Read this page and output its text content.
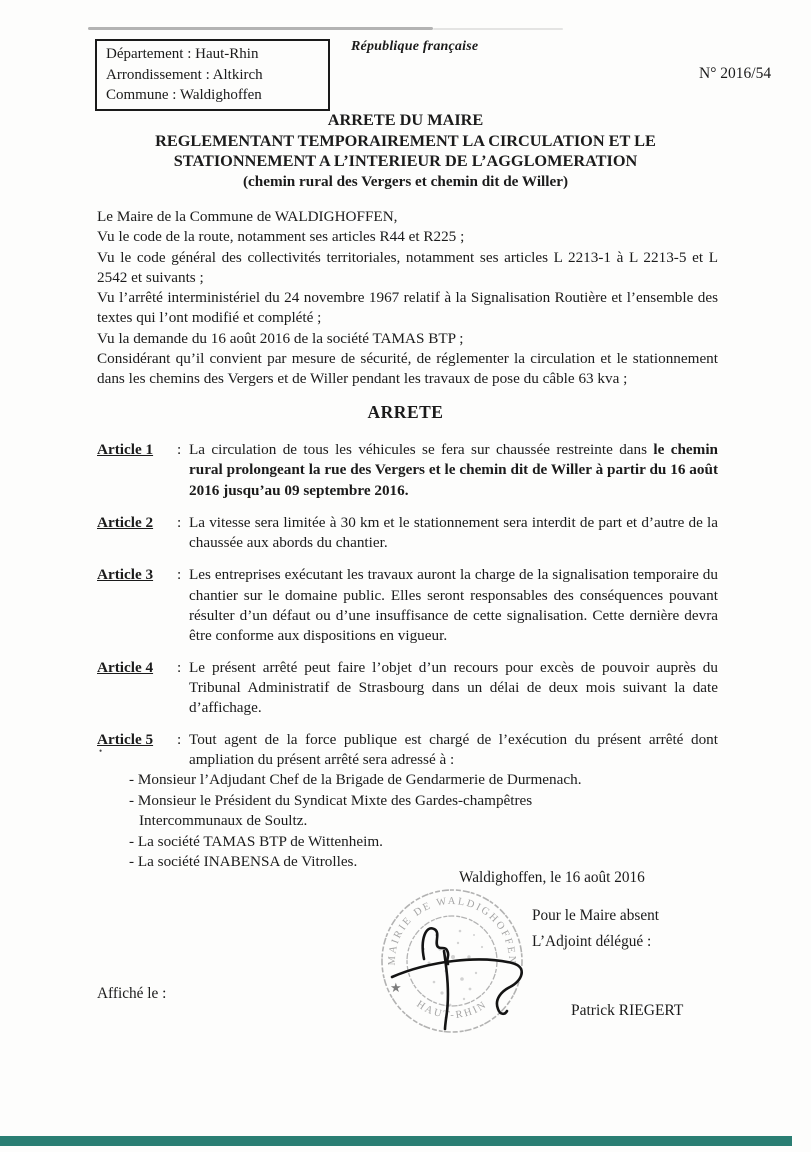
Département : Haut-Rhin
Arrondissement : Altkirch
Commune : Waldighoffen
République française
N° 2016/54
ARRETE DU MAIRE
REGLEMENTANT TEMPORAIREMENT LA CIRCULATION ET LE
STATIONNEMENT A L’INTERIEUR DE L’AGGLOMERATION
(chemin rural des Vergers et chemin dit de Willer)

Le Maire de la Commune de WALDIGHOFFEN,

Vu le code de la route, notamment ses articles R44 et R225 ;

Vu le code général des collectivités territoriales, notamment ses articles L 2213-1 à L 2213-5 et L 2542 et suivants ;

Vu l’arrêté interministériel du 24 novembre 1967 relatif à la Signalisation Routière et l’ensemble des textes qui l’ont modifié et complété ;

Vu la demande du 16 août 2016 de la société TAMAS BTP ;

Considérant qu’il convient par mesure de sécurité, de réglementer la circulation et le stationnement dans les chemins des Vergers et de Willer pendant les travaux de pose du câble 63 kva ;

ARRETE
Article 1	: La circulation de tous les véhicules se fera sur chaussée restreinte dans le chemin rural prolongeant la rue des Vergers et le chemin dit de Willer à partir du 16 août 2016 jusqu’au 09 septembre 2016.
Article 2	: La vitesse sera limitée à 30 km et le stationnement sera interdit de part et d’autre de la chaussée aux abords du chantier.
Article 3	: Les entreprises exécutant les travaux auront la charge de la signalisation temporaire du chantier sur le domaine public. Elles seront responsables des conséquences pouvant résulter d’un défaut ou d’une insuffisance de cette signalisation. Cette dernière devra être conforme aux dispositions en vigueur.
Article 4	: Le présent arrêté peut faire l’objet d’un recours pour excès de pouvoir auprès du Tribunal Administratif de Strasbourg dans un délai de deux mois suivant la date d’affichage.
Article 5	: Tout agent de la force publique est chargé de l’exécution du présent arrêté dont ampliation du présent arrêté sera adressé à :
- Monsieur l’Adjudant Chef de la Brigade de Gendarmerie de Durmenach.
- Monsieur le Président du Syndicat Mixte des Gardes-champêtres
Intercommunaux de Soultz.
- La société TAMAS BTP de Wittenheim.
- La société INABENSA de Vitrolles.
•
Waldighoffen, le 16 août 2016
Pour le Maire absent
L’Adjoint délégué :
MAIRIE DE WALDIGHOFFEN
HAUT-RHIN
★
Affiché le :
Patrick RIEGERT
